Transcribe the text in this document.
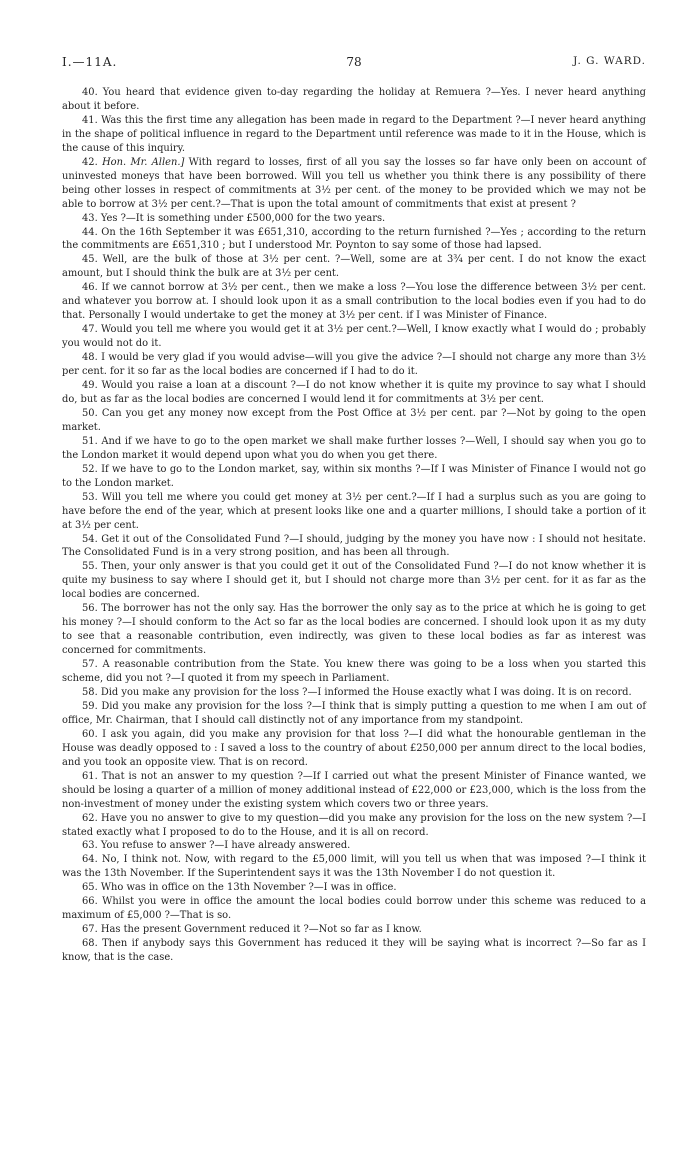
I.—11A.	78	J. G. WARD.

40. You heard that evidence given to-day regarding the holiday at Remuera ?—Yes. I never heard anything about it before.

41. Was this the first time any allegation has been made in regard to the Department ?—I never heard anything in the shape of political influence in regard to the Department until reference was made to it in the House, which is the cause of this inquiry.

42. Hon. Mr. Allen.] With regard to losses, first of all you say the losses so far have only been on account of uninvested moneys that have been borrowed. Will you tell us whether you think there is any possibility of there being other losses in respect of commitments at 3½ per cent. of the money to be provided which we may not be able to borrow at 3½ per cent.?—That is upon the total amount of commitments that exist at present ?

43. Yes ?—It is something under £500,000 for the two years.

44. On the 16th September it was £651,310, according to the return furnished ?—Yes ; according to the return the commitments are £651,310 ; but I understood Mr. Poynton to say some of those had lapsed.

45. Well, are the bulk of those at 3½ per cent. ?—Well, some are at 3¾ per cent. I do not know the exact amount, but I should think the bulk are at 3½ per cent.

46. If we cannot borrow at 3½ per cent., then we make a loss ?—You lose the difference between 3½ per cent. and whatever you borrow at. I should look upon it as a small contribution to the local bodies even if you had to do that. Personally I would undertake to get the money at 3½ per cent. if I was Minister of Finance.

47. Would you tell me where you would get it at 3½ per cent.?—Well, I know exactly what I would do ; probably you would not do it.

48. I would be very glad if you would advise—will you give the advice ?—I should not charge any more than 3½ per cent. for it so far as the local bodies are concerned if I had to do it.

49. Would you raise a loan at a discount ?—I do not know whether it is quite my province to say what I should do, but as far as the local bodies are concerned I would lend it for commitments at 3½ per cent.

50. Can you get any money now except from the Post Office at 3½ per cent. par ?—Not by going to the open market.

51. And if we have to go to the open market we shall make further losses ?—Well, I should say when you go to the London market it would depend upon what you do when you get there.

52. If we have to go to the London market, say, within six months ?—If I was Minister of Finance I would not go to the London market.

53. Will you tell me where you could get money at 3½ per cent.?—If I had a surplus such as you are going to have before the end of the year, which at present looks like one and a quarter millions, I should take a portion of it at 3½ per cent.

54. Get it out of the Consolidated Fund ?—I should, judging by the money you have now : I should not hesitate. The Consolidated Fund is in a very strong position, and has been all through.

55. Then, your only answer is that you could get it out of the Consolidated Fund ?—I do not know whether it is quite my business to say where I should get it, but I should not charge more than 3½ per cent. for it as far as the local bodies are concerned.

56. The borrower has not the only say. Has the borrower the only say as to the price at which he is going to get his money ?—I should conform to the Act so far as the local bodies are concerned. I should look upon it as my duty to see that a reasonable contribution, even indirectly, was given to these local bodies as far as interest was concerned for commitments.

57. A reasonable contribution from the State. You knew there was going to be a loss when you started this scheme, did you not ?—I quoted it from my speech in Parliament.

58. Did you make any provision for the loss ?—I informed the House exactly what I was doing. It is on record.

59. Did you make any provision for the loss ?—I think that is simply putting a question to me when I am out of office, Mr. Chairman, that I should call distinctly not of any importance from my standpoint.

60. I ask you again, did you make any provision for that loss ?—I did what the honourable gentleman in the House was deadly opposed to : I saved a loss to the country of about £250,000 per annum direct to the local bodies, and you took an opposite view. That is on record.

61. That is not an answer to my question ?—If I carried out what the present Minister of Finance wanted, we should be losing a quarter of a million of money additional instead of £22,000 or £23,000, which is the loss from the non-investment of money under the existing system which covers two or three years.

62. Have you no answer to give to my question—did you make any provision for the loss on the new system ?—I stated exactly what I proposed to do to the House, and it is all on record.

63. You refuse to answer ?—I have already answered.

64. No, I think not. Now, with regard to the £5,000 limit, will you tell us when that was imposed ?—I think it was the 13th November. If the Superintendent says it was the 13th November I do not question it.

65. Who was in office on the 13th November ?—I was in office.

66. Whilst you were in office the amount the local bodies could borrow under this scheme was reduced to a maximum of £5,000 ?—That is so.

67. Has the present Government reduced it ?—Not so far as I know.

68. Then if anybody says this Government has reduced it they will be saying what is incorrect ?—So far as I know, that is the case.
